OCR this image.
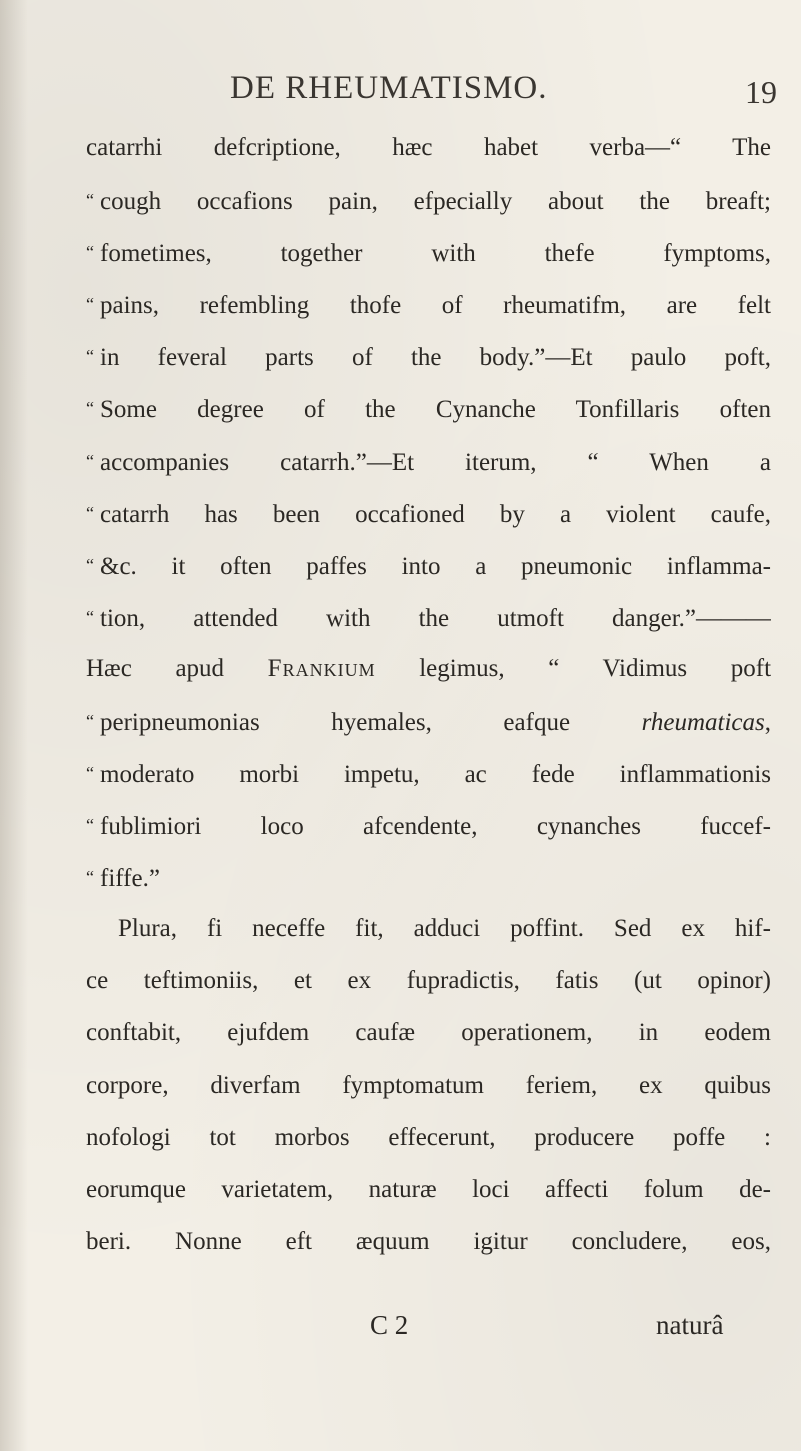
DE RHEUMATISMO.	19
catarrhi defcriptione, hæc habet verba—“ The
“ cough occafions pain, efpecially about the breaft;
“ fometimes, together with thefe fymptoms,
“ pains, refembling thofe of rheumatifm, are felt
“ in feveral parts of the body.”—Et paulo poft,
“ Some degree of the Cynanche Tonfillaris often
“ accompanies catarrh.”—Et iterum, “ When a
“ catarrh has been occafioned by a violent caufe,
“ &c. it often paffes into a pneumonic inflamma-
“ tion, attended with the utmoft danger.”———
Hæc apud Frankium legimus, “ Vidimus poft
“ peripneumonias hyemales, eafque	rheumaticas,
“ moderato morbi impetu, ac fede inflammationis
“ fublimiori loco afcendente, cynanches fuccef-
“ fiffe.”
Plura, fi neceffe fit, adduci poffint. Sed ex hif-
ce teftimoniis, et ex fupradictis, fatis (ut opinor)
conftabit, ejufdem caufæ operationem, in eodem
corpore, diverfam fymptomatum feriem, ex quibus
nofologi tot morbos effecerunt, producere poffe :
eorumque varietatem, naturæ loci affecti folum de-
beri. Nonne eft æquum igitur concludere, eos,
C 2	naturâ
